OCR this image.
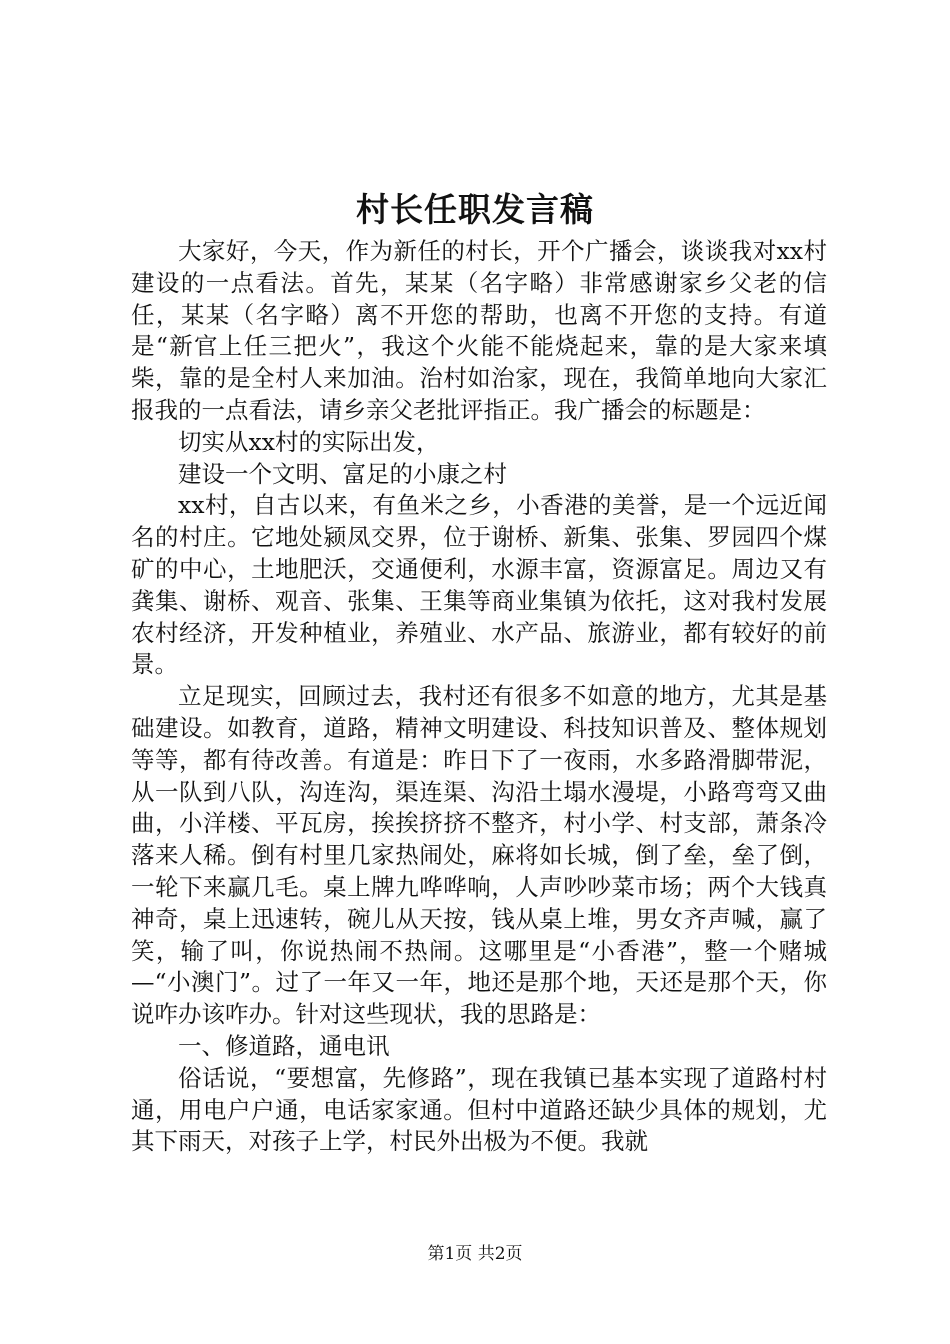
村长任职发言稿

大家好，今天，作为新任的村长，开个广播会，谈谈我对xx村建设的一点看法。首先，某某（名字略）非常感谢家乡父老的信任，某某（名字略）离不开您的帮助，也离不开您的支持。有道是“新官上任三把火”，我这个火能不能烧起来，靠的是大家来填柴，靠的是全村人来加油。治村如治家，现在，我简单地向大家汇报我的一点看法，请乡亲父老批评指正。我广播会的标题是：

切实从xx村的实际出发，

建设一个文明、富足的小康之村

xx村，自古以来，有鱼米之乡，小香港的美誉，是一个远近闻名的村庄。它地处颍凤交界，位于谢桥、新集、张集、罗园四个煤矿的中心，土地肥沃，交通便利，水源丰富，资源富足。周边又有龚集、谢桥、观音、张集、王集等商业集镇为依托，这对我村发展农村经济，开发种植业，养殖业、水产品、旅游业，都有较好的前景。

立足现实，回顾过去，我村还有很多不如意的地方，尤其是基础建设。如教育，道路，精神文明建设、科技知识普及、整体规划等等，都有待改善。有道是：昨日下了一夜雨，水多路滑脚带泥，从一队到八队，沟连沟，渠连渠、沟沿土塌水漫堤，小路弯弯又曲曲，小洋楼、平瓦房，挨挨挤挤不整齐，村小学、村支部，萧条冷落来人稀。倒有村里几家热闹处，麻将如长城，倒了垒，垒了倒，一轮下来赢几毛。桌上牌九哗哗响，人声吵吵菜市场；两个大钱真神奇，桌上迅速转，碗儿从天按，钱从桌上堆，男女齐声喊，赢了笑，输了叫，你说热闹不热闹。这哪里是“小香港”，整一个赌城—“小澳门”。过了一年又一年，地还是那个地，天还是那个天，你说咋办该咋办。针对这些现状，我的思路是：

一、修道路，通电讯

俗话说，“要想富，先修路”，现在我镇已基本实现了道路村村通，用电户户通，电话家家通。但村中道路还缺少具体的规划，尤其下雨天，对孩子上学，村民外出极为不便。我就

第1页 共2页
